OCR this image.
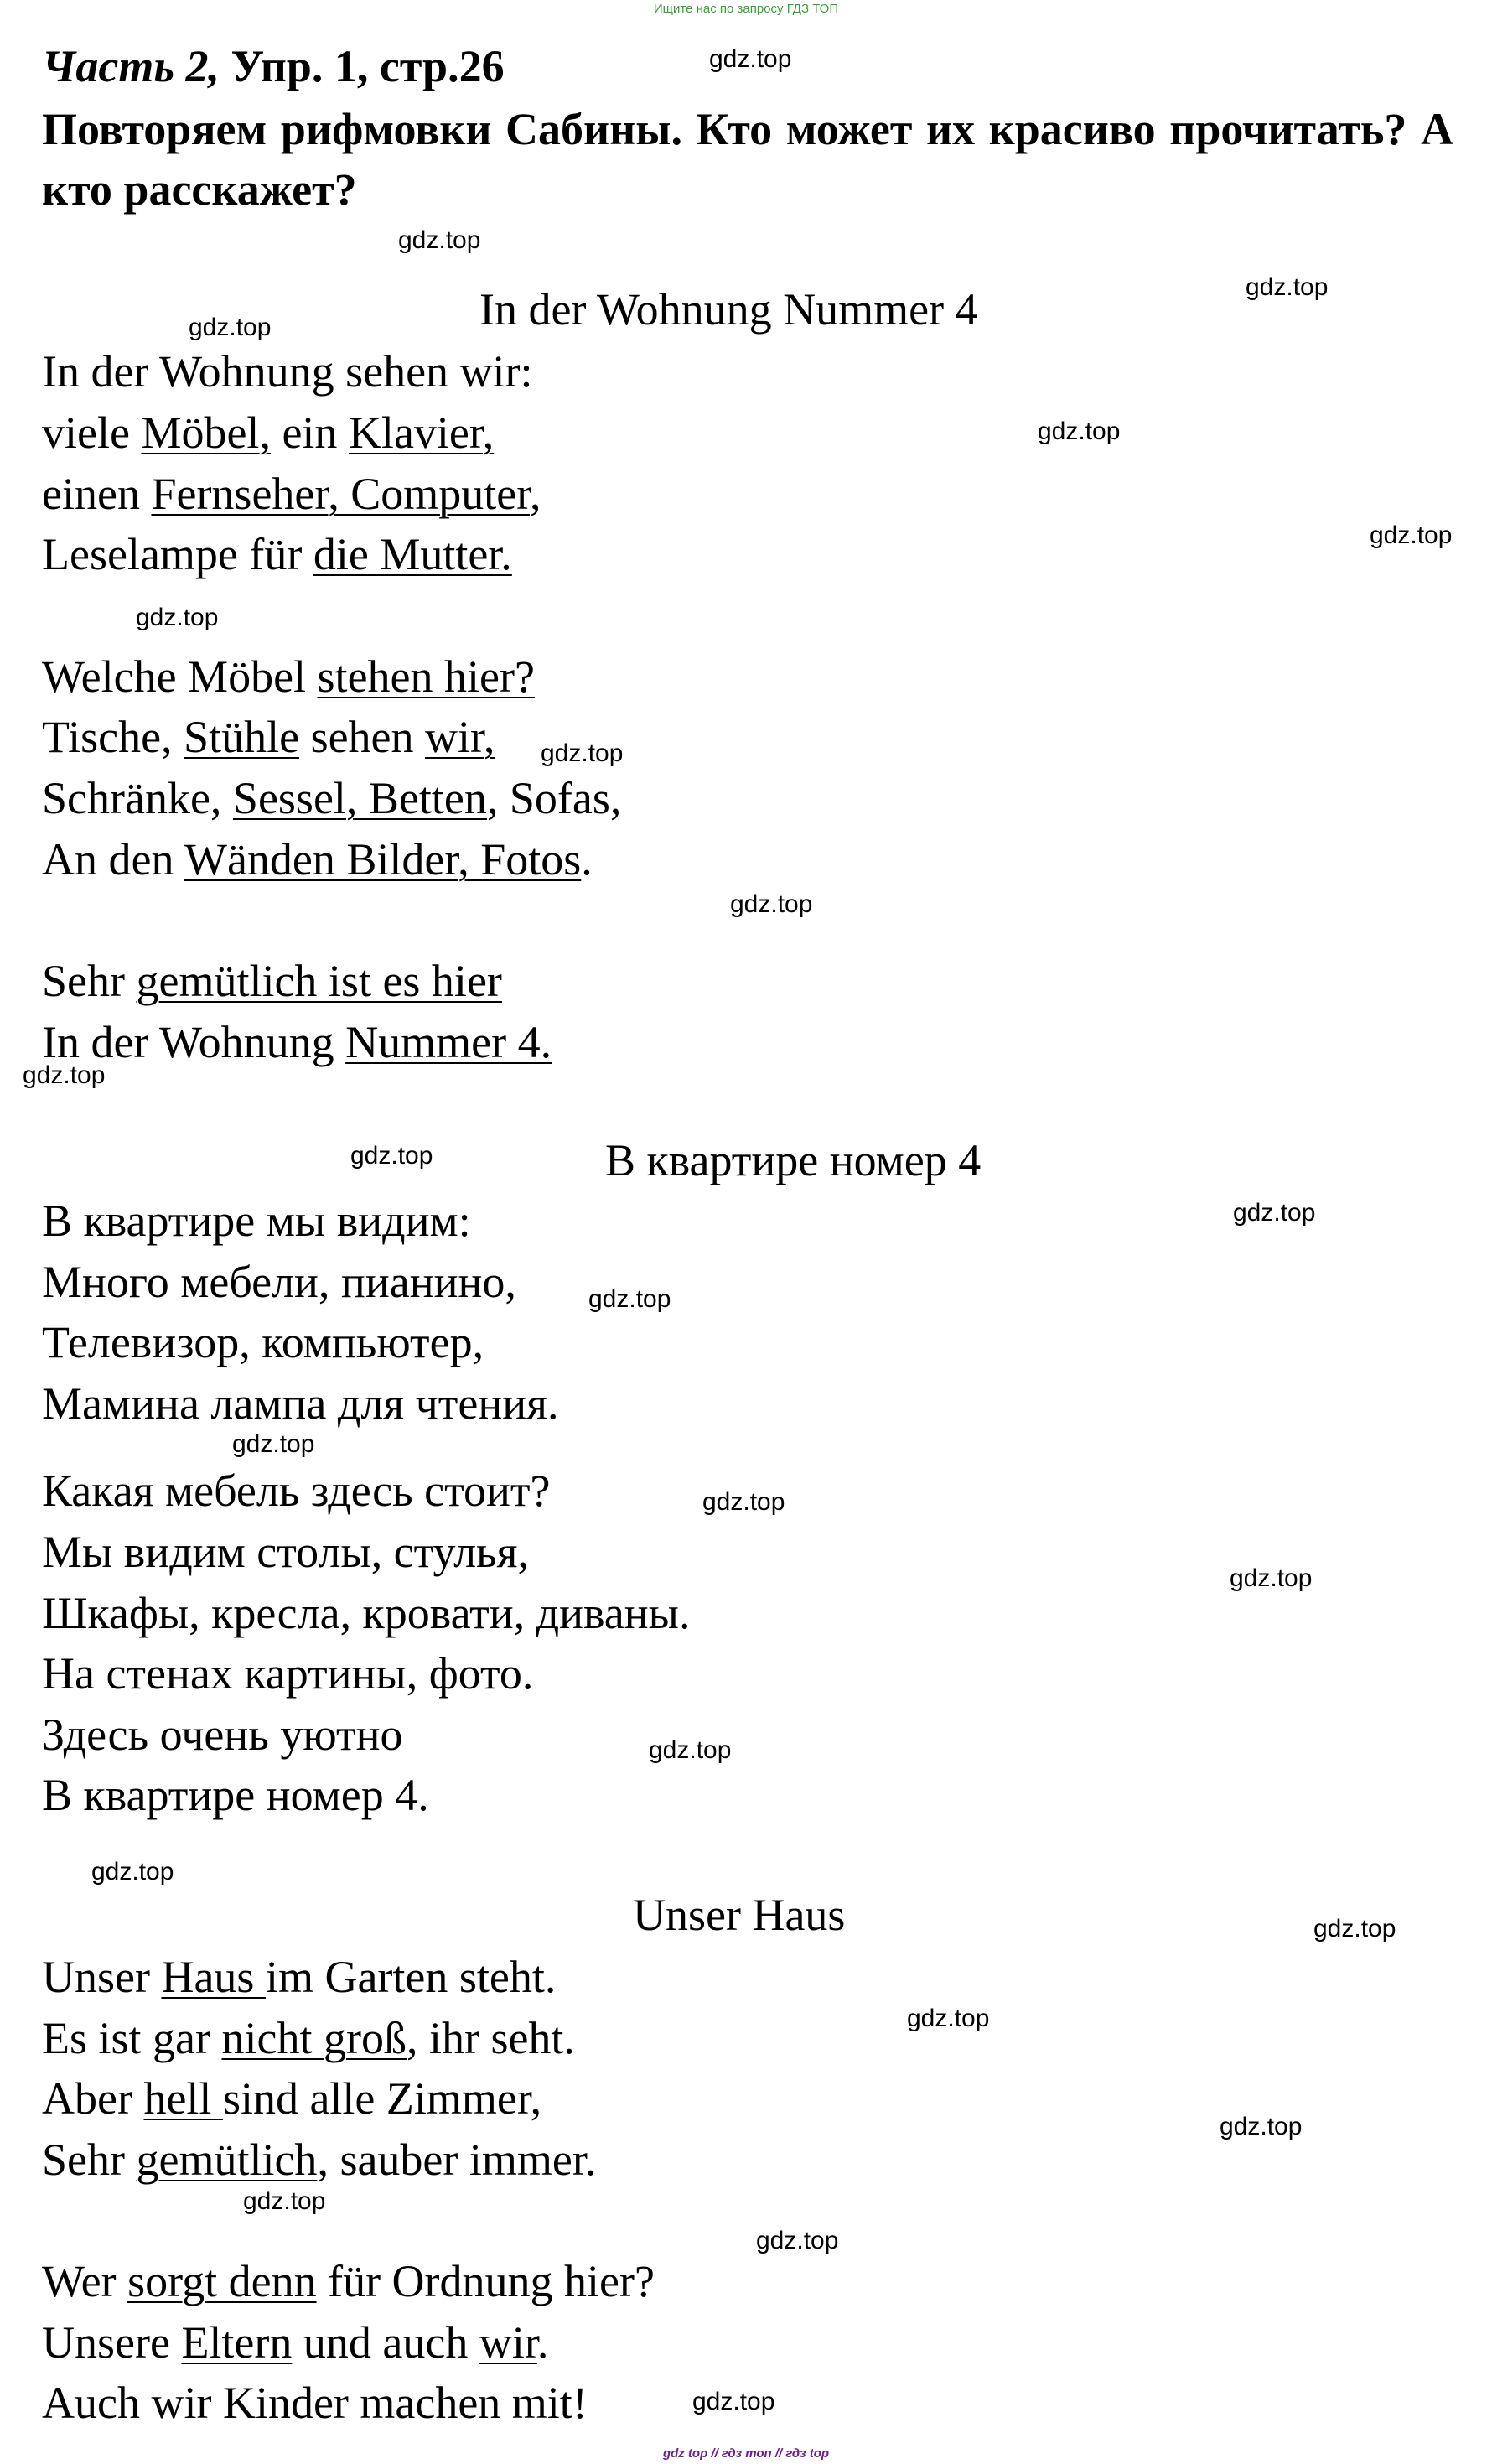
Ищите нас по запросу ГДЗ ТОП
Часть 2, Упр. 1, стр.26
Повторяем рифмовки Сабины. Кто может их красиво прочитать? А кто расскажет?
In der Wohnung Nummer 4
In der Wohnung sehen wir:
viele Möbel, ein Klavier,
einen Fernseher, Computer,
Leselampe für die Mutter.
Welche Möbel stehen hier?
Tische, Stühle sehen wir,
Schränke, Sessel, Betten, Sofas,
An den Wänden Bilder, Fotos.
Sehr gemütlich ist es hier
In der Wohnung Nummer 4.
В квартире номер 4
В квартире мы видим:
Много мебели, пианино,
Телевизор, компьютер,
Мамина лампа для чтения.
Какая мебель здесь стоит?
Мы видим столы, стулья,
Шкафы, кресла, кровати, диваны.
На стенах картины, фото.
Здесь очень уютно
В квартире номер 4.
Unser Haus
Unser Haus im Garten steht.
Es ist gar nicht groß, ihr seht.
Aber hell sind alle Zimmer,
Sehr gemütlich, sauber immer.
Wer sorgt denn für Ordnung hier?
Unsere Eltern und auch wir.
Auch wir Kinder machen mit!
gdz.top
gdz.top
gdz.top
gdz.top
gdz.top
gdz.top
gdz.top
gdz.top
gdz.top
gdz.top
gdz.top
gdz.top
gdz.top
gdz.top
gdz.top
gdz.top
gdz.top
gdz.top
gdz.top
gdz.top
gdz.top
gdz.top
gdz.top
gdz.top
gdz top // гдз топ // гдз top
